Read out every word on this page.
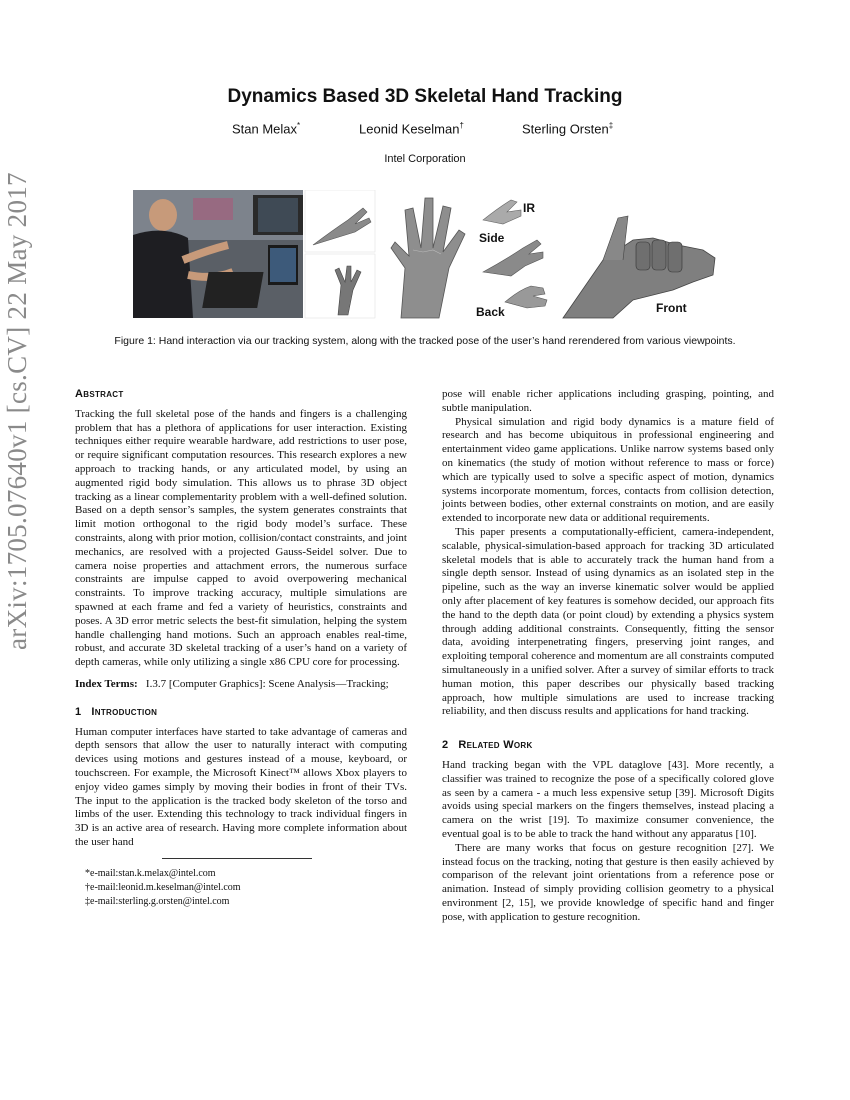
arXiv:1705.07640v1 [cs.CV] 22 May 2017
Dynamics Based 3D Skeletal Hand Tracking
Stan Melax*	Leonid Keselman†	Sterling Orsten‡
Intel Corporation
IR
Side
Back	Front
Figure 1: Hand interaction via our tracking system, along with the tracked pose of the user’s hand rerendered from various viewpoints.
Abstract

Tracking the full skeletal pose of the hands and fingers is a challenging problem that has a plethora of applications for user interaction. Existing techniques either require wearable hardware, add restrictions to user pose, or require significant computation resources. This research explores a new approach to tracking hands, or any articulated model, by using an augmented rigid body simulation. This allows us to phrase 3D object tracking as a linear complementarity problem with a well-defined solution. Based on a depth sensor’s samples, the system generates constraints that limit motion orthogonal to the rigid body model’s surface. These constraints, along with prior motion, collision/contact constraints, and joint mechanics, are resolved with a projected Gauss-Seidel solver. Due to camera noise properties and attachment errors, the numerous surface constraints are impulse capped to avoid overpowering mechanical constraints. To improve tracking accuracy, multiple simulations are spawned at each frame and fed a variety of heuristics, constraints and poses. A 3D error metric selects the best-fit simulation, helping the system handle challenging hand motions. Such an approach enables real-time, robust, and accurate 3D skeletal tracking of a user’s hand on a variety of depth cameras, while only utilizing a single x86 CPU core for processing.

Index Terms: I.3.7 [Computer Graphics]: Scene Analysis—Tracking;

1 Introduction

Human computer interfaces have started to take advantage of cameras and depth sensors that allow the user to naturally interact with computing devices using motions and gestures instead of a mouse, keyboard, or touchscreen. For example, the Microsoft Kinect™ allows Xbox players to enjoy video games simply by moving their bodies in front of their TVs. The input to the application is the tracked body skeleton of the torso and limbs of the user. Extending this technology to track individual fingers in 3D is an active area of research. Having more complete information about the user hand

*e-mail:stan.k.melax@intel.com
†e-mail:leonid.m.keselman@intel.com
‡e-mail:sterling.g.orsten@intel.com

pose will enable richer applications including grasping, pointing, and subtle manipulation.

Physical simulation and rigid body dynamics is a mature field of research and has become ubiquitous in professional engineering and entertainment video game applications. Unlike narrow systems based only on kinematics (the study of motion without reference to mass or force) which are typically used to solve a specific aspect of motion, dynamics systems incorporate momentum, forces, contacts from collision detection, joints between bodies, other external constraints on motion, and are easily extended to incorporate new data or additional requirements.

This paper presents a computationally-efficient, camera-independent, scalable, physical-simulation-based approach for tracking 3D articulated skeletal models that is able to accurately track the human hand from a single depth sensor. Instead of using dynamics as an isolated step in the pipeline, such as the way an inverse kinematic solver would be applied only after placement of key features is somehow decided, our approach fits the hand to the depth data (or point cloud) by extending a physics system through adding additional constraints. Consequently, fitting the sensor data, avoiding interpenetrating fingers, preserving joint ranges, and exploiting temporal coherence and momentum are all constraints computed simultaneously in a unified solver. After a survey of similar efforts to track human motion, this paper describes our physically based tracking approach, how multiple simulations are used to increase tracking reliability, and then discuss results and applications for hand tracking.

2 Related Work

Hand tracking began with the VPL dataglove [43]. More recently, a classifier was trained to recognize the pose of a specifically colored glove as seen by a camera - a much less expensive setup [39]. Microsoft Digits avoids using special markers on the fingers themselves, instead placing a camera on the wrist [19]. To maximize consumer convenience, the eventual goal is to be able to track the hand without any apparatus [10].

There are many works that focus on gesture recognition [27]. We instead focus on the tracking, noting that gesture is then easily achieved by comparison of the relevant joint orientations from a reference pose or animation. Instead of simply providing collision geometry to a physical environment [2, 15], we provide knowledge of specific hand and finger pose, with application to gesture recognition.
